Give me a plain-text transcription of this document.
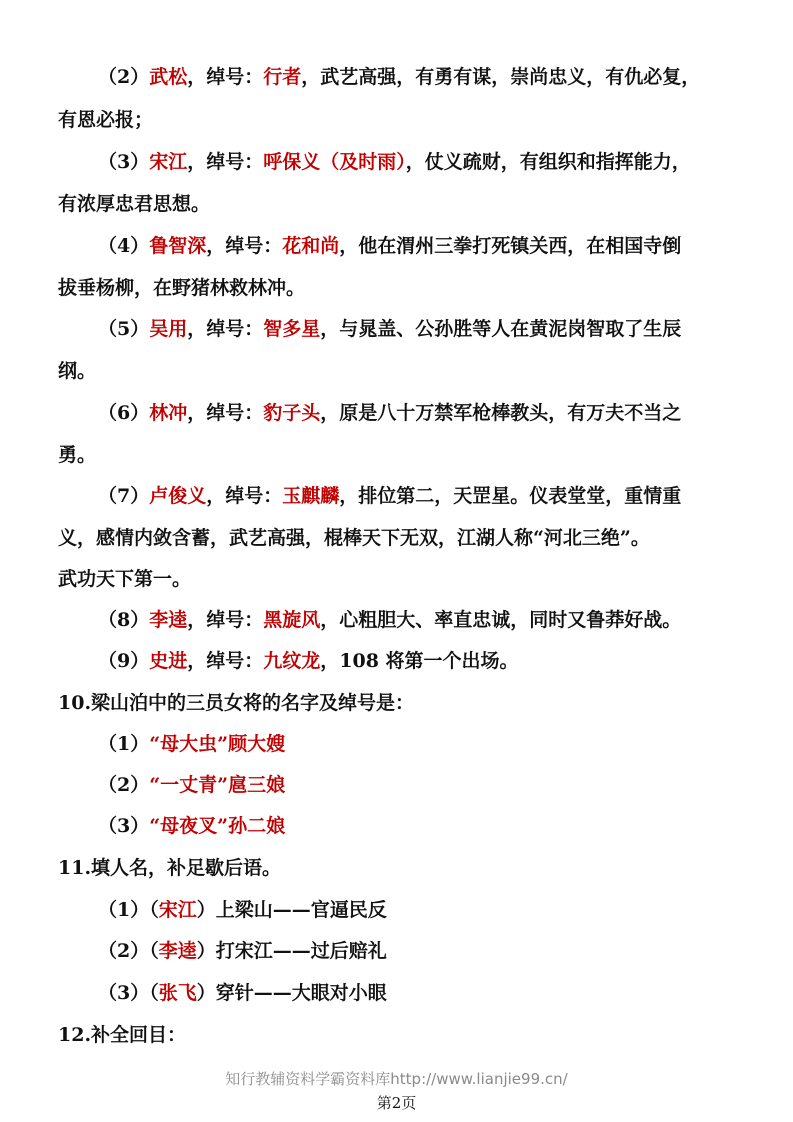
（2）武松，绰号：行者，武艺高强，有勇有谋，崇尚忠义，有仇必复，
有恩必报；
（3）宋江，绰号：呼保义（及时雨），仗义疏财，有组织和指挥能力，
有浓厚忠君思想。
（4）鲁智深，绰号：花和尚，他在渭州三拳打死镇关西，在相国寺倒
拔垂杨柳，在野猪林救林冲。
（5）吴用，绰号：智多星，与晁盖、公孙胜等人在黄泥岗智取了生辰
纲。
（6）林冲，绰号：豹子头，原是八十万禁军枪棒教头，有万夫不当之
勇。
（7）卢俊义，绰号：玉麒麟，排位第二，天罡星。仪表堂堂，重情重
义，感情内敛含蓄，武艺高强，棍棒天下无双，江湖人称“河北三绝”。
武功天下第一。
（8）李逵，绰号：黑旋风，心粗胆大、率直忠诚，同时又鲁莽好战。
（9）史进，绰号：九纹龙，108 将第一个出场。
10.梁山泊中的三员女将的名字及绰号是：
（1）“母大虫”顾大嫂
（2）“一丈青”扈三娘
（3）“母夜叉”孙二娘
11.填人名，补足歇后语。
（1）（宋江）上梁山——官逼民反
（2）（李逵）打宋江——过后赔礼
（3）（张飞）穿针——大眼对小眼
12.补全回目：
知行教辅资料学霸资料库http://www.lianjie99.cn/
第2页
